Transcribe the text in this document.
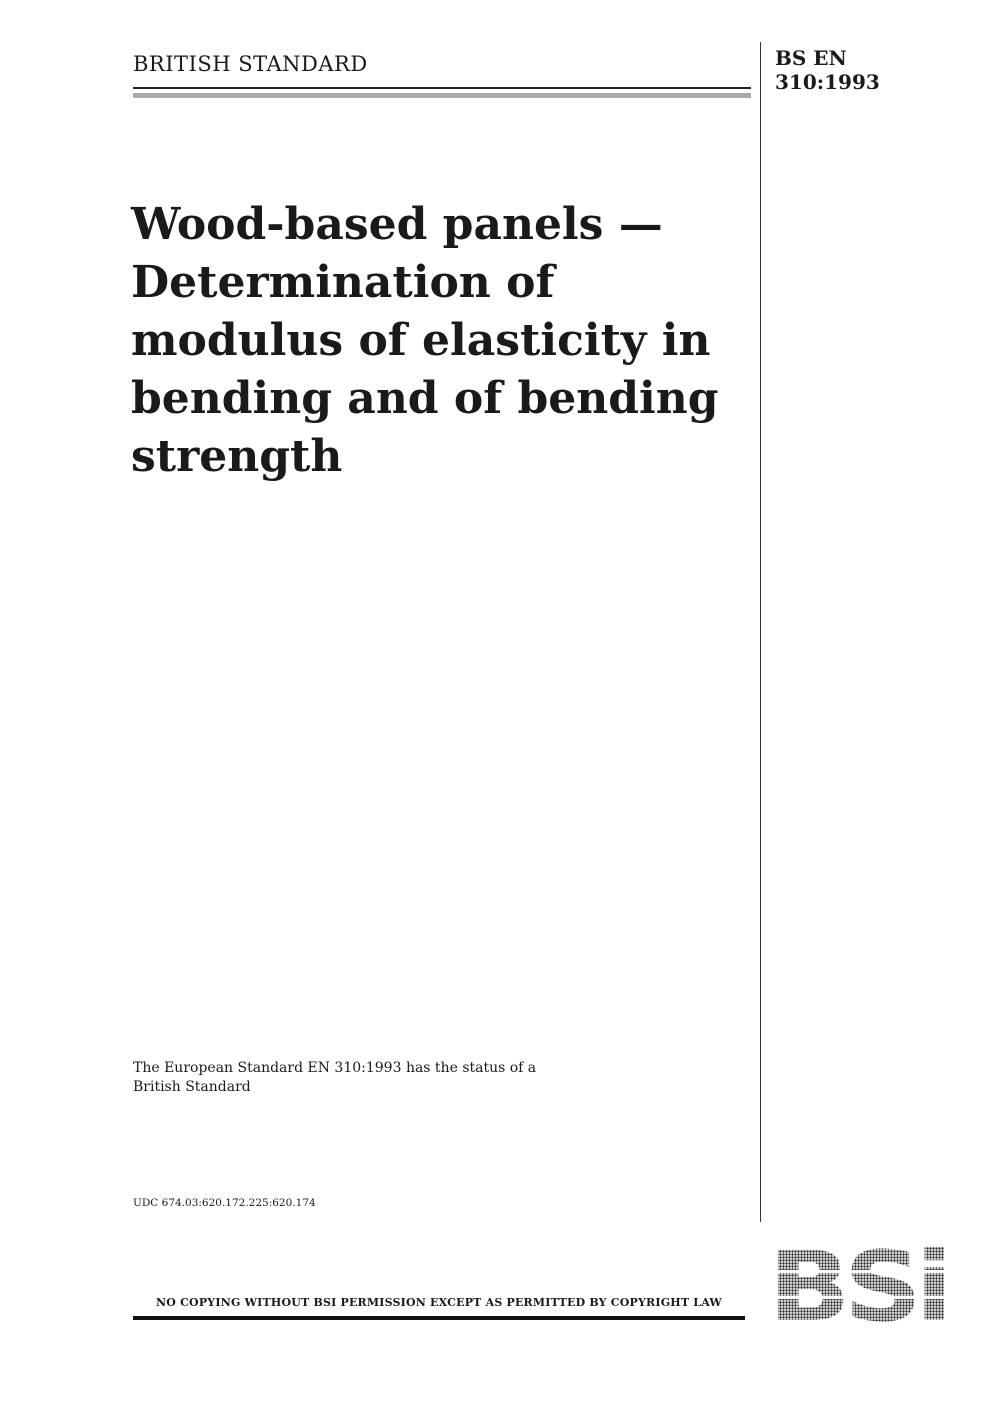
BRITISH STANDARD	BS EN
310:1993
Wood-based panels —
Determination of
modulus of elasticity in
bending and of bending
strength
The European Standard EN 310:1993 has the status of a
British Standard
UDC 674.03:620.172.225:620.174
NO COPYING WITHOUT BSI PERMISSION EXCEPT AS PERMITTED BY COPYRIGHT LAW
